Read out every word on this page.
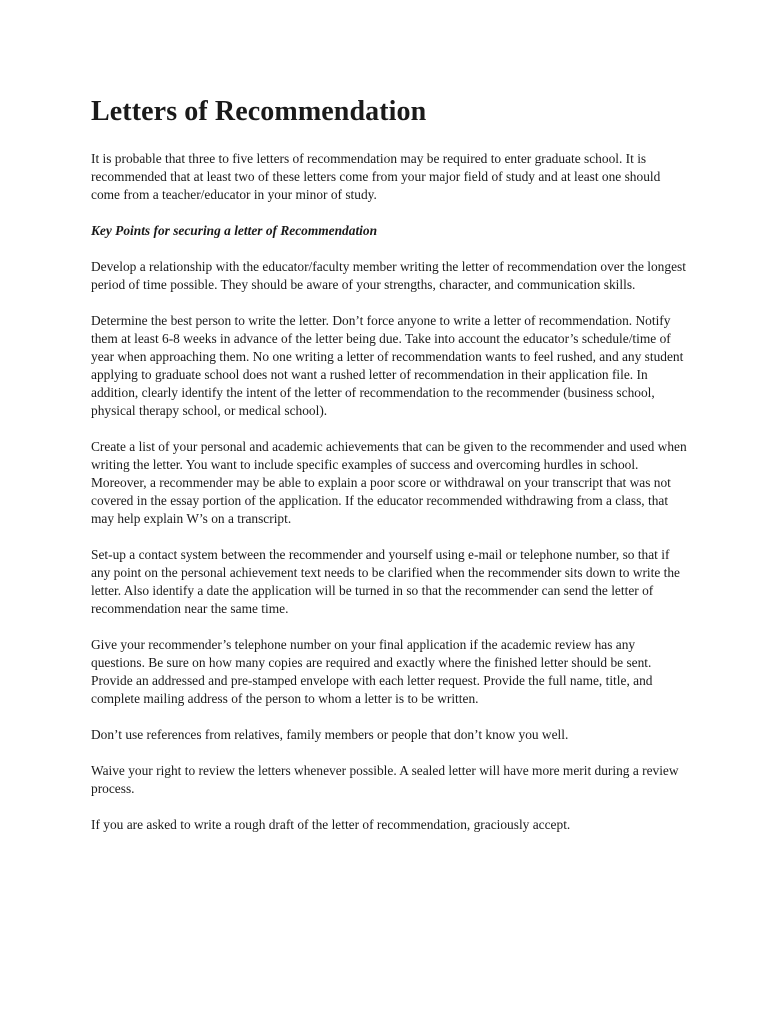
Letters of Recommendation

It is probable that three to five letters of recommendation may be required to enter graduate school. It is recommended that at least two of these letters come from your major field of study and at least one should come from a teacher/educator in your minor of study.

Key Points for securing a letter of Recommendation

Develop a relationship with the educator/faculty member writing the letter of recommendation over the longest period of time possible. They should be aware of your strengths, character, and communication skills.

Determine the best person to write the letter. Don’t force anyone to write a letter of recommendation. Notify them at least 6-8 weeks in advance of the letter being due. Take into account the educator’s schedule/time of year when approaching them. No one writing a letter of recommendation wants to feel rushed, and any student applying to graduate school does not want a rushed letter of recommendation in their application file. In addition, clearly identify the intent of the letter of recommendation to the recommender (business school, physical therapy school, or medical school).

Create a list of your personal and academic achievements that can be given to the recommender and used when writing the letter. You want to include specific examples of success and overcoming hurdles in school. Moreover, a recommender may be able to explain a poor score or withdrawal on your transcript that was not covered in the essay portion of the application. If the educator recommended withdrawing from a class, that may help explain W’s on a transcript.

Set-up a contact system between the recommender and yourself using e-mail or telephone number, so that if any point on the personal achievement text needs to be clarified when the recommender sits down to write the letter. Also identify a date the application will be turned in so that the recommender can send the letter of recommendation near the same time.

Give your recommender’s telephone number on your final application if the academic review has any questions. Be sure on how many copies are required and exactly where the finished letter should be sent. Provide an addressed and pre-stamped envelope with each letter request. Provide the full name, title, and complete mailing address of the person to whom a letter is to be written.

Don’t use references from relatives, family members or people that don’t know you well.

Waive your right to review the letters whenever possible. A sealed letter will have more merit during a review process.

If you are asked to write a rough draft of the letter of recommendation, graciously accept.
